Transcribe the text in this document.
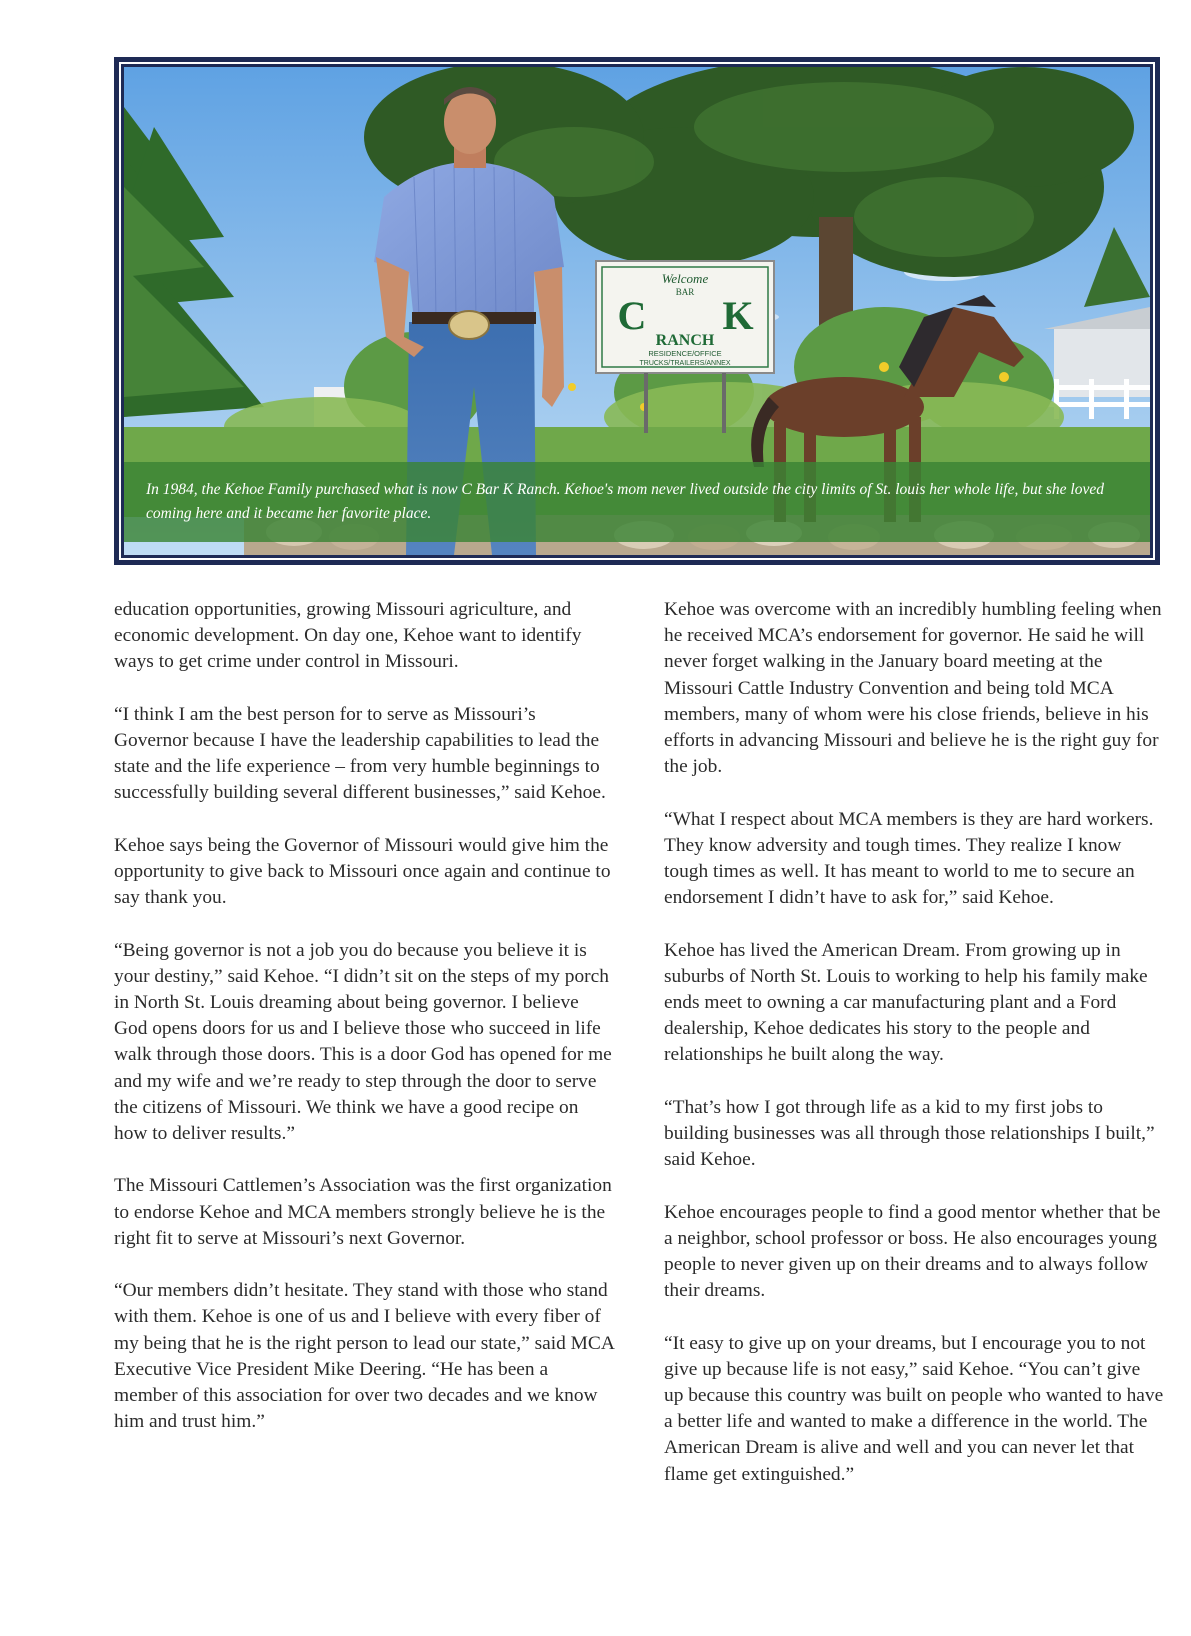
Welcome
BAR
C K
RANCH
RESIDENCE/OFFICE
TRUCKS/TRAILERS/ANNEX

In 1984, the Kehoe Family purchased what is now C Bar K Ranch. Kehoe's mom never lived outside the city limits of St. louis her whole life, but she loved coming here and it became her favorite place.

education opportunities, growing Missouri agriculture, and economic development. On day one, Kehoe want to identify ways to get crime under control in Missouri.

“I think I am the best person for to serve as Missouri’s Governor because I have the leadership capabilities to lead the state and the life experience – from very humble beginnings to successfully building several different businesses,” said Kehoe.

Kehoe says being the Governor of Missouri would give him the opportunity to give back to Missouri once again and continue to say thank you.

“Being governor is not a job you do because you believe it is your destiny,” said Kehoe. “I didn’t sit on the steps of my porch in North St. Louis dreaming about being governor. I believe God opens doors for us and I believe those who succeed in life walk through those doors. This is a door God has opened for me and my wife and we’re ready to step through the door to serve the citizens of Missouri. We think we have a good recipe on how to deliver results.”

The Missouri Cattlemen’s Association was the first organization to endorse Kehoe and MCA members strongly believe he is the right fit to serve at Missouri’s next Governor.

“Our members didn’t hesitate. They stand with those who stand with them. Kehoe is one of us and I believe with every fiber of my being that he is the right person to lead our state,” said MCA Executive Vice President Mike Deering. “He has been a member of this association for over two decades and we know him and trust him.”

Kehoe was overcome with an incredibly humbling feeling when he received MCA’s endorsement for governor. He said he will never forget walking in the January board meeting at the Missouri Cattle Industry Convention and being told MCA members, many of whom were his close friends, believe in his efforts in advancing Missouri and believe he is the right guy for the job.

“What I respect about MCA members is they are hard workers. They know adversity and tough times. They realize I know tough times as well. It has meant to world to me to secure an endorsement I didn’t have to ask for,” said Kehoe.

Kehoe has lived the American Dream. From growing up in suburbs of North St. Louis to working to help his family make ends meet to owning a car manufacturing plant and a Ford dealership, Kehoe dedicates his story to the people and relationships he built along the way.

“That’s how I got through life as a kid to my first jobs to building businesses was all through those relationships I built,” said Kehoe.

Kehoe encourages people to find a good mentor whether that be a neighbor, school professor or boss. He also encourages young people to never given up on their dreams and to always follow their dreams.

“It easy to give up on your dreams, but I encourage you to not give up because life is not easy,” said Kehoe. “You can’t give up because this country was built on people who wanted to have a better life and wanted to make a difference in the world. The American Dream is alive and well and you can never let that flame get extinguished.”
